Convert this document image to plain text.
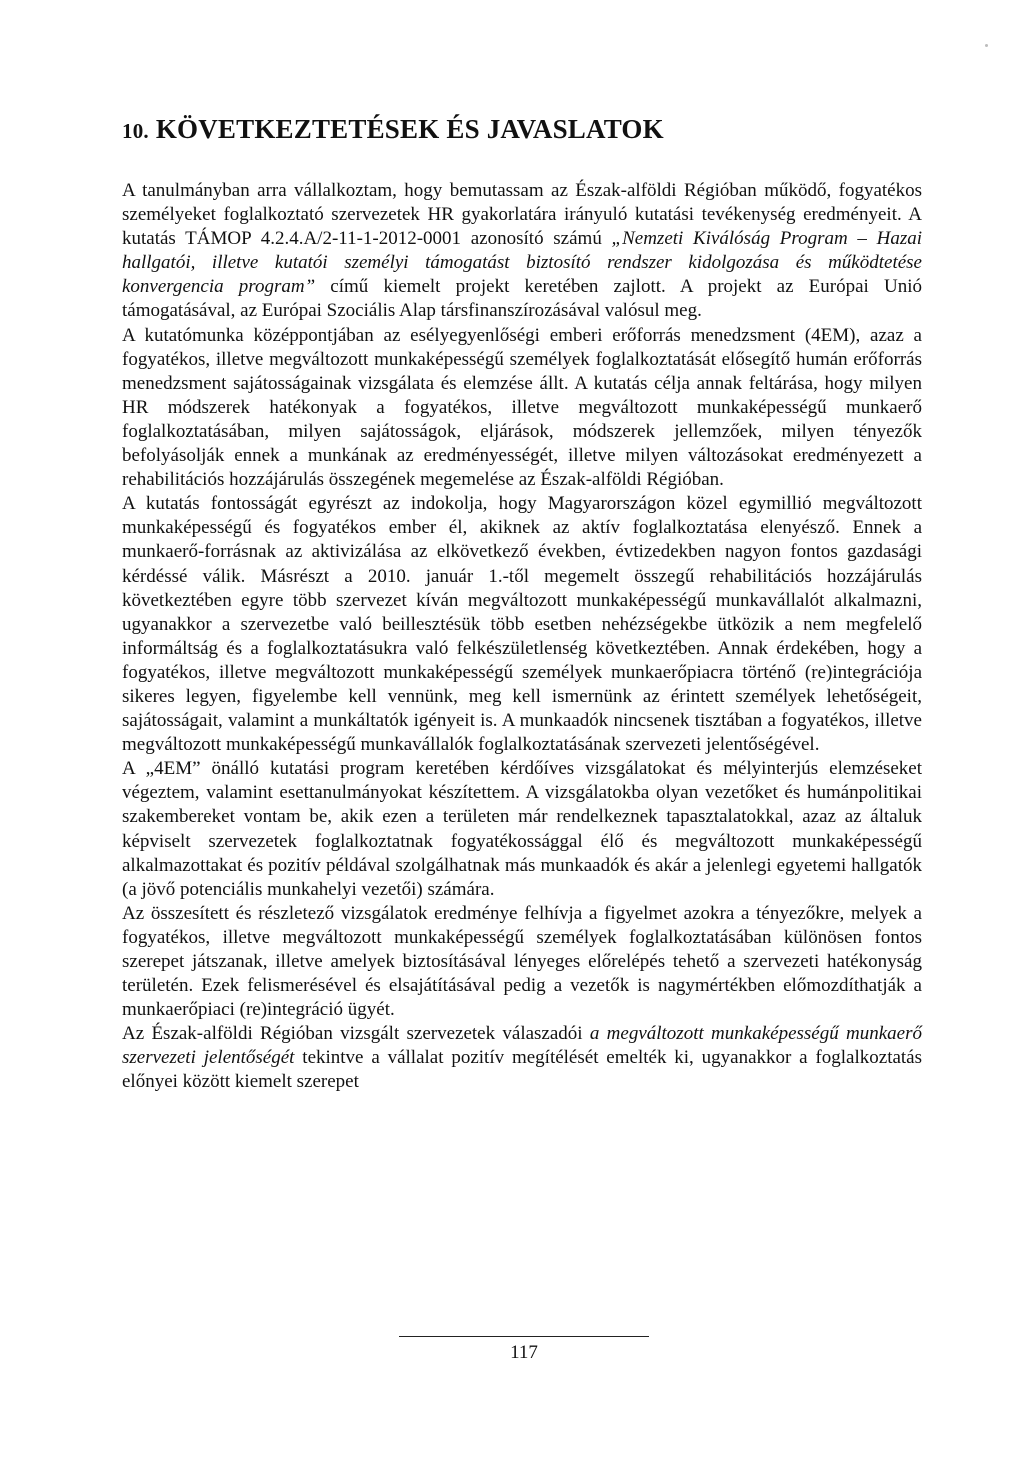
10. KÖVETKEZTETÉSEK ÉS JAVASLATOK

A tanulmányban arra vállalkoztam, hogy bemutassam az Észak-alföldi Régióban működő, fogyatékos személyeket foglalkoztató szervezetek HR gyakorlatára irányuló kutatási tevékenység eredményeit. A kutatás TÁMOP 4.2.4.A/2-11-1-2012-0001 azonosító számú „Nemzeti Kiválóság Program – Hazai hallgatói, illetve kutatói személyi támogatást biztosító rendszer kidolgozása és működtetése konvergencia program” című kiemelt projekt keretében zajlott. A projekt az Európai Unió támogatásával, az Európai Szociális Alap társfinanszírozásával valósul meg.

A kutatómunka középpontjában az esélyegyenlőségi emberi erőforrás menedzsment (4EM), azaz a fogyatékos, illetve megváltozott munkaképességű személyek foglalkoztatását elősegítő humán erőforrás menedzsment sajátosságainak vizsgálata és elemzése állt. A kutatás célja annak feltárása, hogy milyen HR módszerek hatékonyak a fogyatékos, illetve megváltozott munkaképességű munkaerő foglalkoztatásában, milyen sajátosságok, eljárások, módszerek jellemzőek, milyen tényezők befolyásolják ennek a munkának az eredményességét, illetve milyen változásokat eredményezett a rehabilitációs hozzájárulás összegének megemelése az Észak-alföldi Régióban.

A kutatás fontosságát egyrészt az indokolja, hogy Magyarországon közel egymillió megváltozott munkaképességű és fogyatékos ember él, akiknek az aktív foglalkoztatása elenyésző. Ennek a munkaerő-forrásnak az aktivizálása az elkövetkező években, évtizedekben nagyon fontos gazdasági kérdéssé válik. Másrészt a 2010. január 1.-től megemelt összegű rehabilitációs hozzájárulás következtében egyre több szervezet kíván megváltozott munkaképességű munkavállalót alkalmazni, ugyanakkor a szervezetbe való beillesztésük több esetben nehézségekbe ütközik a nem megfelelő informáltság és a foglalkoztatásukra való felkészületlenség következtében. Annak érdekében, hogy a fogyatékos, illetve megváltozott munkaképességű személyek munkaerőpiacra történő (re)integrációja sikeres legyen, figyelembe kell vennünk, meg kell ismernünk az érintett személyek lehetőségeit, sajátosságait, valamint a munkáltatók igényeit is. A munkaadók nincsenek tisztában a fogyatékos, illetve megváltozott munkaképességű munkavállalók foglalkoztatásának szervezeti jelentőségével.

A „4EM” önálló kutatási program keretében kérdőíves vizsgálatokat és mélyinterjús elemzéseket végeztem, valamint esettanulmányokat készítettem. A vizsgálatokba olyan vezetőket és humánpolitikai szakembereket vontam be, akik ezen a területen már rendelkeznek tapasztalatokkal, azaz az általuk képviselt szervezetek foglalkoztatnak fogyatékossággal élő és megváltozott munkaképességű alkalmazottakat és pozitív példával szolgálhatnak más munkaadók és akár a jelenlegi egyetemi hallgatók (a jövő potenciális munkahelyi vezetői) számára.

Az összesített és részletező vizsgálatok eredménye felhívja a figyelmet azokra a tényezőkre, melyek a fogyatékos, illetve megváltozott munkaképességű személyek foglalkoztatásában különösen fontos szerepet játszanak, illetve amelyek biztosításával lényeges előrelépés tehető a szervezeti hatékonyság területén. Ezek felismerésével és elsajátításával pedig a vezetők is nagymértékben előmozdíthatják a munkaerőpiaci (re)integráció ügyét.

Az Észak-alföldi Régióban vizsgált szervezetek válaszadói a megváltozott munkaképességű munkaerő szervezeti jelentőségét tekintve a vállalat pozitív megítélését emelték ki, ugyanakkor a foglalkoztatás előnyei között kiemelt szerepet

117
